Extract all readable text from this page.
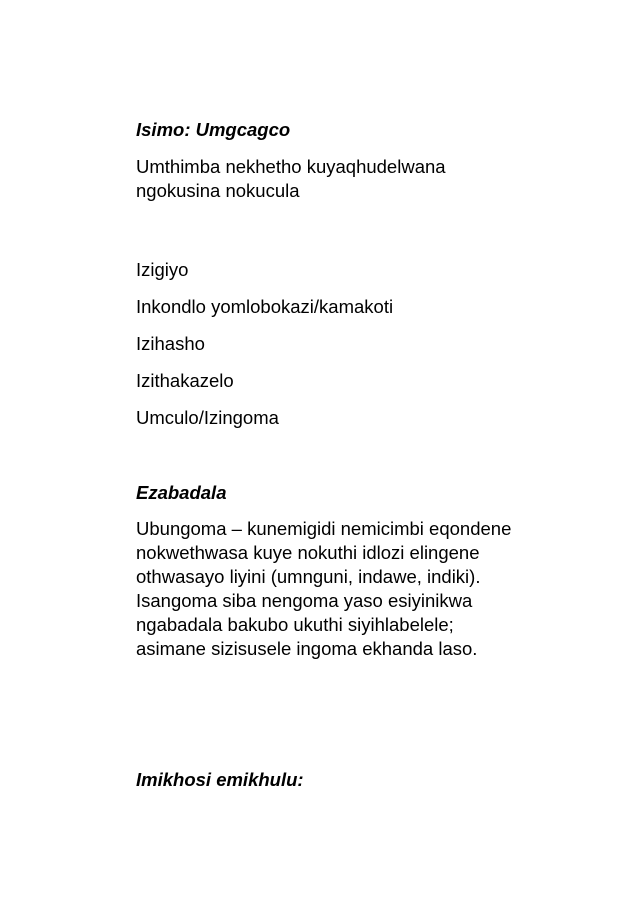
Isimo: Umgcagco

Umthimba nekhetho kuyaqhudelwana
ngokusina nokucula

Izigiyo

Inkondlo yomlobokazi/kamakoti

Izihasho

Izithakazelo

Umculo/Izingoma

Ezabadala

Ubungoma – kunemigidi nemicimbi eqondene
nokwethwasa kuye nokuthi idlozi elingene
othwasayo liyini (umnguni, indawe, indiki).
Isangoma siba nengoma yaso esiyinikwa
ngabadala bakubo ukuthi siyihlabelele;
asimane sizisusele ingoma ekhanda laso.

Imikhosi emikhulu:
